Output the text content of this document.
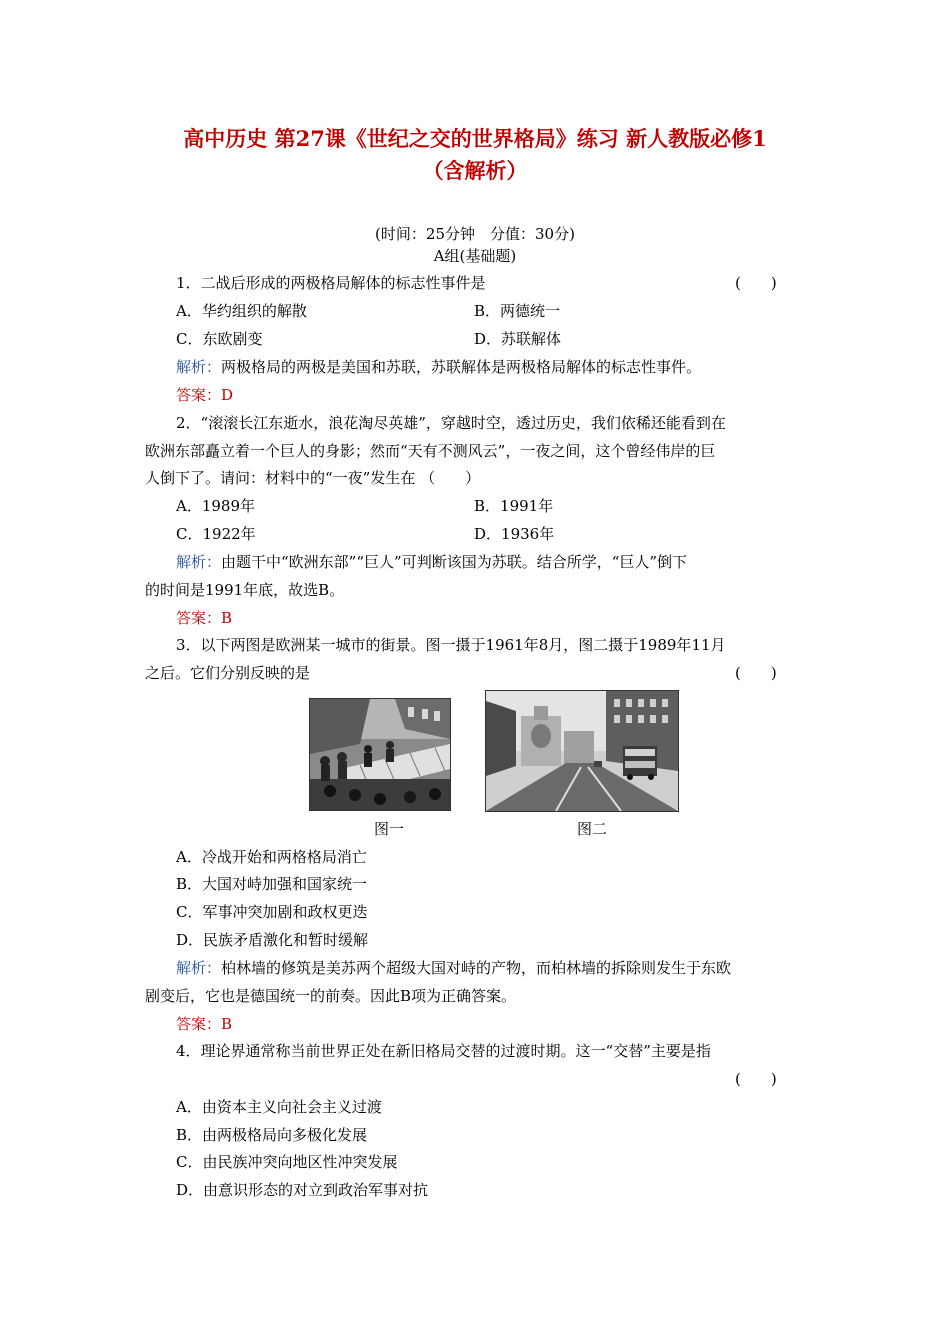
高中历史 第27课《世纪之交的世界格局》练习 新人教版必修1
（含解析）
(时间：25分钟　分值：30分)
A组(基础题)
1．二战后形成的两极格局解体的标志性事件是	(　　)
A．华约组织的解散	B．两德统一
C．东欧剧变	D．苏联解体
解析：两极格局的两极是美国和苏联，苏联解体是两极格局解体的标志性事件。
答案：D
2．“滚滚长江东逝水，浪花淘尽英雄”，穿越时空，透过历史，我们依稀还能看到在
欧洲东部矗立着一个巨人的身影；然而“天有不测风云”，一夜之间，这个曾经伟岸的巨
人倒下了。请问：材料中的“一夜”发生在 （　　）
A．1989年	B．1991年
C．1922年	D．1936年
解析：由题干中“欧洲东部”“巨人”可判断该国为苏联。结合所学，“巨人”倒下
的时间是1991年底，故选B。
答案：B
3．以下两图是欧洲某一城市的街景。图一摄于1961年8月，图二摄于1989年11月
之后。它们分别反映的是	(　　)
图一	图二
A．冷战开始和两格格局消亡
B．大国对峙加强和国家统一
C．军事冲突加剧和政权更迭
D．民族矛盾激化和暂时缓解
解析：柏林墙的修筑是美苏两个超级大国对峙的产物，而柏林墙的拆除则发生于东欧
剧变后，它也是德国统一的前奏。因此B项为正确答案。
答案：B
4．理论界通常称当前世界正处在新旧格局交替的过渡时期。这一“交替”主要是指
(　　)
A．由资本主义向社会主义过渡
B．由两极格局向多极化发展
C．由民族冲突向地区性冲突发展
D．由意识形态的对立到政治军事对抗
